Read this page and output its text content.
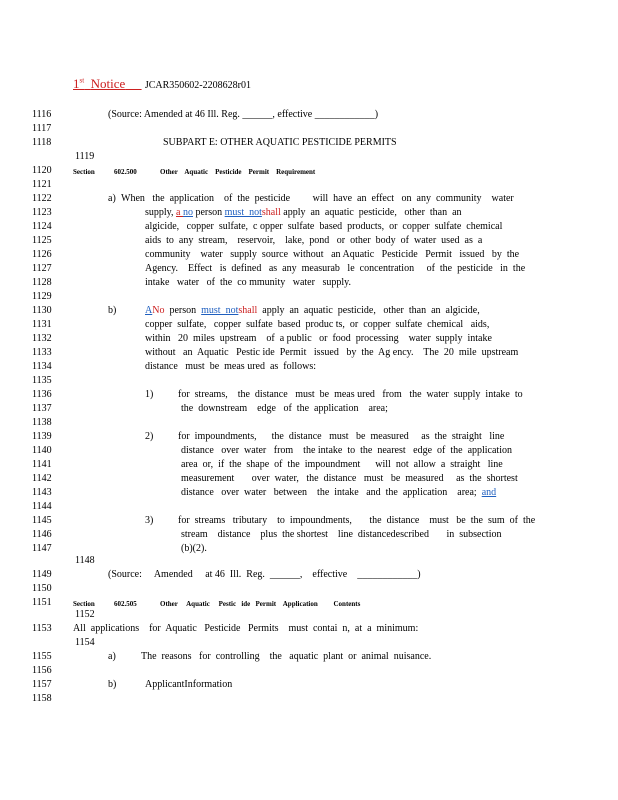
1st Notice JCAR350602-2208628r01
1116	(Source: Amended at 46 Ill. Reg. ______, effective ____________)
1117
1118	SUBPART E: OTHER AQUATIC PESTICIDE PERMITS
1119
1120	Section	602.500	Other    Aquatic    Pesticide    Permit    Requirement
1121
1122	a) When   the  application    of  the  pesticide         will  have  an  effect   on  any  community    water
1123	supply, a no person must  notshall apply  an  aquatic  pesticide,   other  than  an
1124	algicide,   copper  sulfate,  c opper  sulfate  based  products,  or  copper  sulfate  chemical
1125	aids  to  any  stream,    reservoir,    lake,  pond   or  other  body  of  water  used  as  a
1126	community    water   supply  source  without   an Aquatic   Pesticide   Permit   issued   by  the
1127	Agency.    Effect   is  defined   as  any  measurab   le  concentration     of  the  pesticide   in  the
1128	intake   water   of  the  co mmunity   water   supply.
1129
1130	b)	ANo  person  must  notshall  apply  an  aquatic  pesticide,   other  than  an  algicide,
1131	copper  sulfate,   copper  sulfate  based  produc ts,  or  copper  sulfate  chemical   aids,
1132	within   20  miles  upstream    of  a public   or  food  processing    water  supply  intake
1133	without   an  Aquatic   Pestic ide  Permit   issued   by  the  Ag ency.    The  20  mile  upstream
1134	distance   must  be  meas ured  as  follows:
1135
1136	1) for  streams,    the  distance   must  be  meas ured   from   the  water  supply  intake  to
1137	the  downstream    edge   of  the  application    area;
1138
1139	2) for  impoundments,      the  distance   must   be  measured     as  the  straight   line
1140	distance   over  water   from    the intake  to  the  nearest   edge  of  the  application
1141	area  or,  if  the  shape  of  the  impoundment      will  not  allow  a  straight   line
1142	measurement       over  water,   the  distance   must   be  measured     as  the  shortest
1143	distance   over  water   between    the  intake   and  the  application    area;  and
1144
1145	3) for  streams   tributary    to  impoundments,       the  distance    must   be  the  sum  of  the
1146	stream    distance    plus  the shortest    line  distancedescribed       in  subsection
1147	(b)(2).
1148
1149	(Source:     Amended     at 46  Ill.  Reg.  ______,    effective    ____________)
1150
1151	Section	602.505	Other     Aquatic     Pestic   ide   Permit    Application         Contents
1152
1153 All  applications    for  Aquatic   Pesticide   Permits    must  contai  n,  at  a  minimum:
1154
1155	a)	The  reasons   for  controlling    the   aquatic  plant  or  animal  nuisance.
1156
1157	b)	ApplicantInformation
1158
